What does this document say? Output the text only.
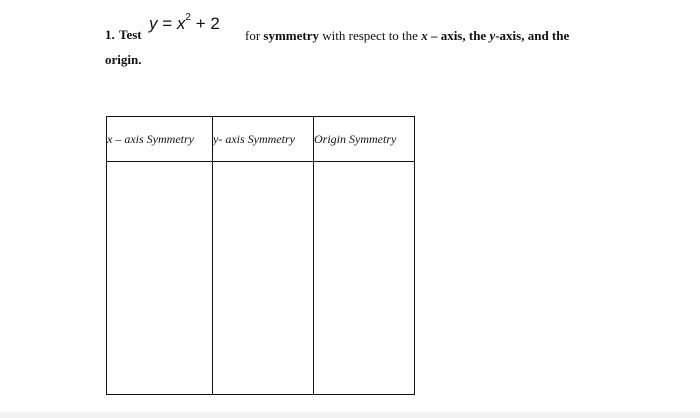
1. Test
$y = x^2 + 2$
for symmetry with respect to the x – axis, the y-axis, and the
origin.
x – axis Symmetry	y- axis Symmetry	Origin Symmetry
